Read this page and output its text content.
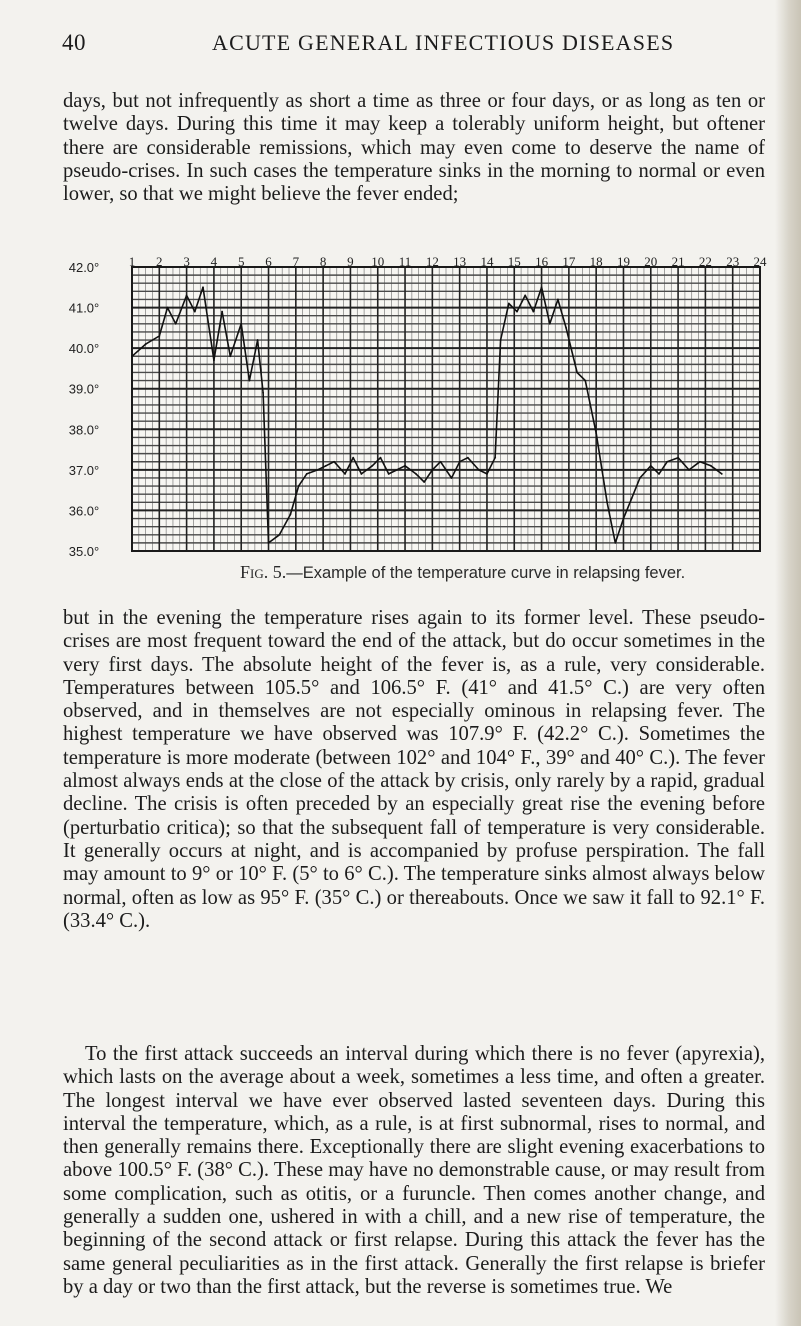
40	ACUTE GENERAL INFECTIOUS DISEASES

days, but not infrequently as short a time as three or four days, or as long as ten or twelve days. During this time it may keep a tolerably uniform height, but oftener there are considerable remissions, which may even come to deserve the name of pseudo-crises. In such cases the temperature sinks in the morning to normal or even lower, so that we might believe the fever ended;

1 2 3 4 5 6 7 8 9 10 11 12 13 14 15 16 17 18 19 20 21 22 23 24
42.0°
41.0°
40.0°
39.0°
38.0°
37.0°
36.0°
35.0°
Fig. 5.—Example of the temperature curve in relapsing fever.

but in the evening the temperature rises again to its former level. These pseudo-crises are most frequent toward the end of the attack, but do occur sometimes in the very first days. The absolute height of the fever is, as a rule, very considerable. Temperatures between 105.5° and 106.5° F. (41° and 41.5° C.) are very often observed, and in themselves are not especially ominous in relapsing fever. The highest temperature we have observed was 107.9° F. (42.2° C.). Sometimes the temperature is more moderate (between 102° and 104° F., 39° and 40° C.). The fever almost always ends at the close of the attack by crisis, only rarely by a rapid, gradual decline. The crisis is often preceded by an especially great rise the evening before (perturbatio critica); so that the subsequent fall of temperature is very considerable. It generally occurs at night, and is accompanied by profuse perspiration. The fall may amount to 9° or 10° F. (5° to 6° C.). The temperature sinks almost always below normal, often as low as 95° F. (35° C.) or thereabouts. Once we saw it fall to 92.1° F. (33.4° C.).

To the first attack succeeds an interval during which there is no fever (apyrexia), which lasts on the average about a week, sometimes a less time, and often a greater. The longest interval we have ever observed lasted seventeen days. During this interval the temperature, which, as a rule, is at first subnormal, rises to normal, and then generally remains there. Exceptionally there are slight evening exacerbations to above 100.5° F. (38° C.). These may have no demonstrable cause, or may result from some complication, such as otitis, or a furuncle. Then comes another change, and generally a sudden one, ushered in with a chill, and a new rise of temperature, the beginning of the second attack or first relapse. During this attack the fever has the same general peculiarities as in the first attack. Generally the first relapse is briefer by a day or two than the first attack, but the reverse is sometimes true. We
